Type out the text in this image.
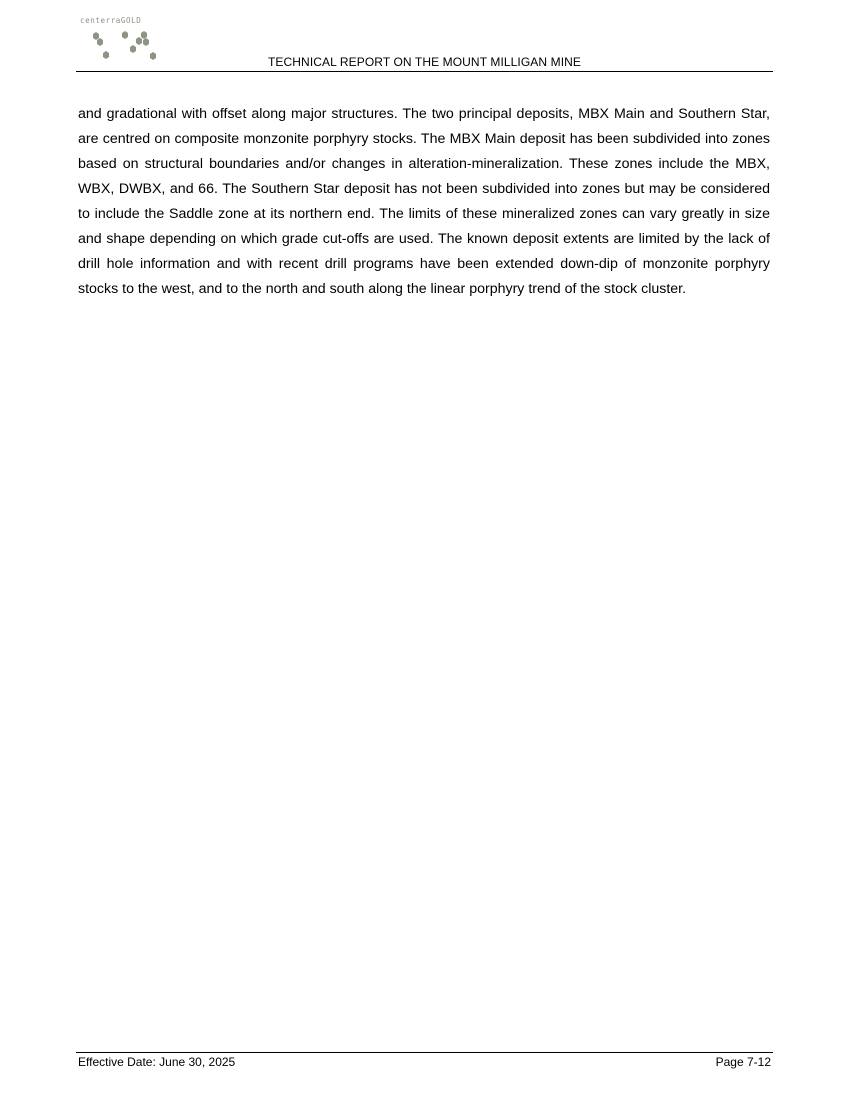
centerraGOLD
TECHNICAL REPORT ON THE MOUNT MILLIGAN MINE

and gradational with offset along major structures. The two principal deposits, MBX Main and Southern Star, are centred on composite monzonite porphyry stocks. The MBX Main deposit has been subdivided into zones based on structural boundaries and/or changes in alteration-mineralization. These zones include the MBX, WBX, DWBX, and 66. The Southern Star deposit has not been subdivided into zones but may be considered to include the Saddle zone at its northern end. The limits of these mineralized zones can vary greatly in size and shape depending on which grade cut-offs are used. The known deposit extents are limited by the lack of drill hole information and with recent drill programs have been extended down-dip of monzonite porphyry stocks to the west, and to the north and south along the linear porphyry trend of the stock cluster.

Effective Date: June 30, 2025	Page 7-12
